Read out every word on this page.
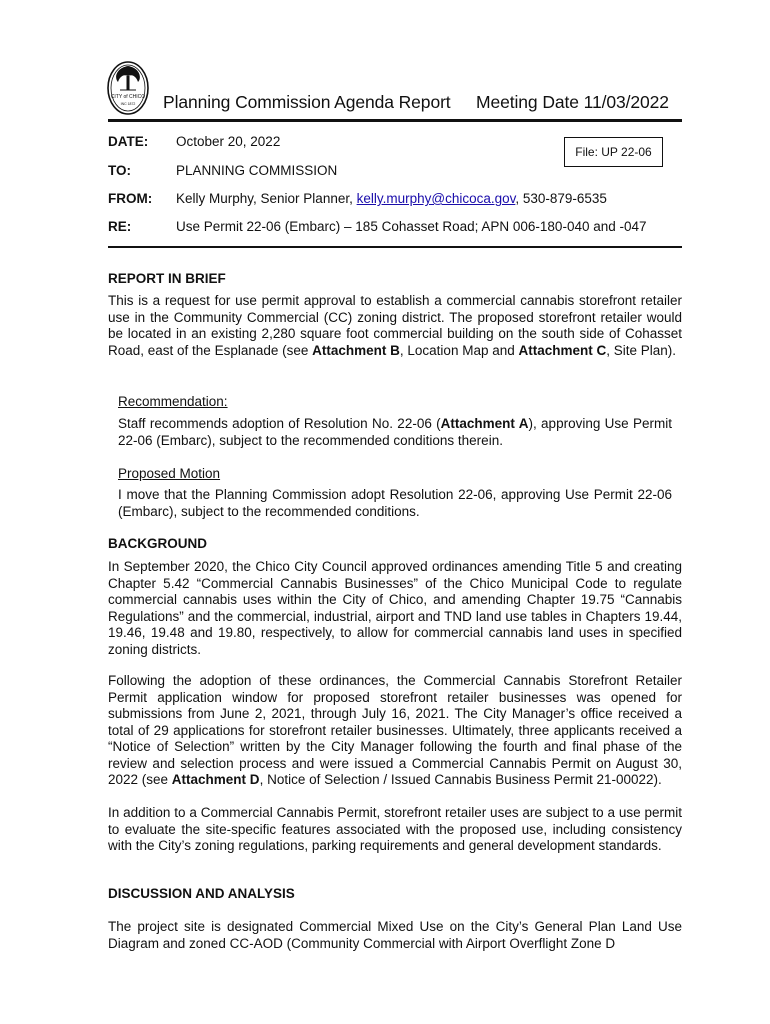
CITY of CHICO
INC 1872 Planning Commission Agenda Report Meeting Date 11/03/2022
DATE: October 20, 2022
File: UP 22-06
TO:	PLANNING COMMISSION
FROM: Kelly Murphy, Senior Planner, kelly.murphy@chicoca.gov, 530-879-6535
RE:	Use Permit 22-06 (Embarc) – 185 Cohasset Road; APN 006-180-040 and -047
REPORT IN BRIEF
This is a request for use permit approval to establish a commercial cannabis storefront retailer use in the Community Commercial (CC) zoning district. The proposed storefront retailer would be located in an existing 2,280 square foot commercial building on the south side of Cohasset Road, east of the Esplanade (see Attachment B, Location Map and Attachment C, Site Plan).
Recommendation:
Staff recommends adoption of Resolution No. 22-06 (Attachment A), approving Use Permit 22-06 (Embarc), subject to the recommended conditions therein.
Proposed Motion
I move that the Planning Commission adopt Resolution 22-06, approving Use Permit 22-06 (Embarc), subject to the recommended conditions.
BACKGROUND
In September 2020, the Chico City Council approved ordinances amending Title 5 and creating Chapter 5.42 “Commercial Cannabis Businesses” of the Chico Municipal Code to regulate commercial cannabis uses within the City of Chico, and amending Chapter 19.75 “Cannabis Regulations” and the commercial, industrial, airport and TND land use tables in Chapters 19.44, 19.46, 19.48 and 19.80, respectively, to allow for commercial cannabis land uses in specified zoning districts.
Following the adoption of these ordinances, the Commercial Cannabis Storefront Retailer Permit application window for proposed storefront retailer businesses was opened for submissions from June 2, 2021, through July 16, 2021. The City Manager’s office received a total of 29 applications for storefront retailer businesses. Ultimately, three applicants received a “Notice of Selection” written by the City Manager following the fourth and final phase of the review and selection process and were issued a Commercial Cannabis Permit on August 30, 2022 (see Attachment D, Notice of Selection / Issued Cannabis Business Permit 21-00022).
In addition to a Commercial Cannabis Permit, storefront retailer uses are subject to a use permit to evaluate the site-specific features associated with the proposed use, including consistency with the City’s zoning regulations, parking requirements and general development standards.
DISCUSSION AND ANALYSIS
The project site is designated Commercial Mixed Use on the City’s General Plan Land Use Diagram and zoned CC-AOD (Community Commercial with Airport Overflight Zone D
